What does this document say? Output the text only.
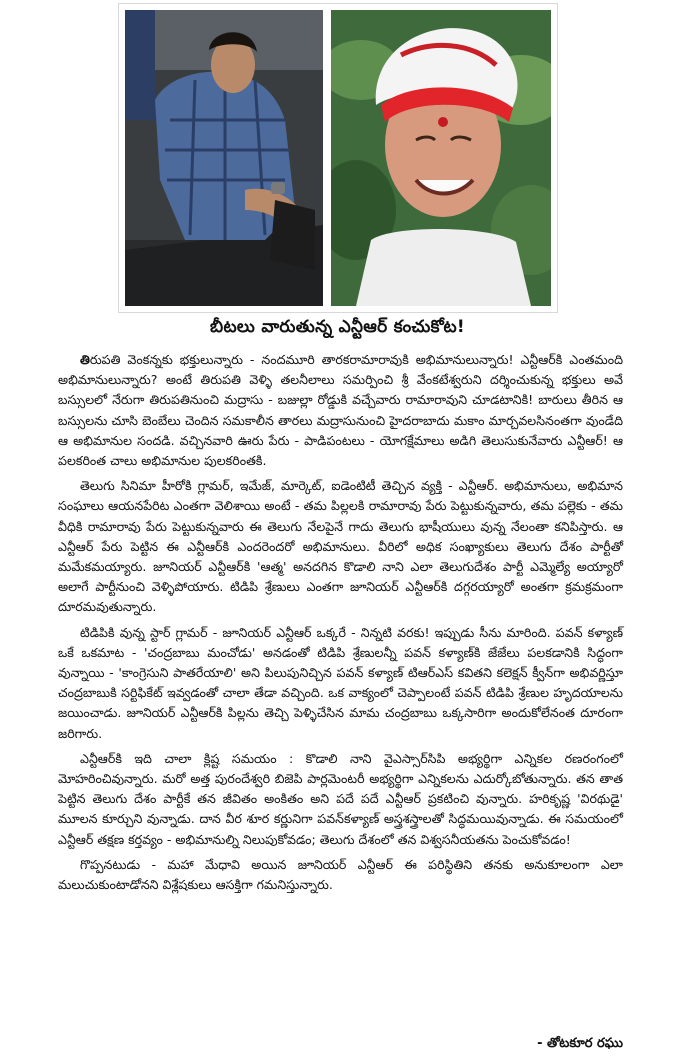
బీటలు వారుతున్న ఎన్టీఆర్ కంచుకోట!

తిరుపతి వెంకన్నకు భక్తులున్నారు - నందమూరి తారకరామారావుకి అభిమానులున్నారు! ఎన్టీఆర్‌కి ఎంతమంది అభిమానులున్నారు? అంటే తిరుపతి వెళ్ళి తలనీలాలు సమర్పించి శ్రీ వేంకటేశ్వరుని దర్శించుకున్న భక్తులు అవే బస్సులలో నేరుగా తిరుపతినుంచి మద్రాసు - బజుల్లా రోడ్డుకి వచ్చేవారు రామారావుని చూడటానికి! బారులు తీరిన ఆ బస్సులను చూసి బెంబేలు చెందిన సమకాలీన తారలు మద్రాసునుంచి హైదరాబాదు మకాం మార్చవలసినంతగా వుండేది ఆ అభిమానుల సందడి. వచ్చినవారి ఊరు పేరు - పాడిపంటలు - యోగక్షేమాలు అడిగి తెలుసుకునేవారు ఎన్టీఆర్! ఆ పలకరింత చాలు అభిమానుల పులకరింతకి.

తెలుగు సినిమా హీరోకి గ్లామర్, ఇమేజ్, మార్కెట్, ఐడెంటిటీ తెచ్చిన వ్యక్తి - ఎన్టీఆర్. అభిమానులు, అభిమాన సంఘాలు ఆయనపేరిట ఎంతగా వెలిశాయి అంటే - తమ పిల్లలకి రామారావు పేరు పెట్టుకున్నవారు, తమ పల్లెకు - తమ వీధికి రామారావు పేరు పెట్టుకున్నవారు ఈ తెలుగు నేలపైనే గాదు తెలుగు భాషీయులు వున్న నేలంతా కనిపిస్తారు. ఆ ఎన్టీఆర్ పేరు పెట్టిన ఈ ఎన్టీఆర్‌కి ఎందరెందరో అభిమానులు. వీరిలో అధిక సంఖ్యాకులు తెలుగు దేశం పార్టీతో మమేకమయ్యారు. జూనియర్ ఎన్టీఆర్‌కి 'ఆత్మ' అనదగిన కొడాలి నాని ఎలా తెలుగుదేశం పార్టీ ఎమ్మెల్యే అయ్యారో అలాగే పార్టీనుంచి వెళ్ళిపోయారు. టిడిపి శ్రేణులు ఎంతగా జూనియర్ ఎన్టీఆర్‌కి దగ్గరయ్యారో అంతగా క్రమక్రమంగా దూరమవుతున్నారు.

టిడిపికి వున్న స్టార్ గ్లామర్ - జూనియర్ ఎన్టీఆర్ ఒక్కరే - నిన్నటి వరకు! ఇప్పుడు సీను మారింది. పవన్ కళ్యాణ్ ఒకే ఒకమాట - 'చంద్రబాబు మంచోడు' అనడంతో టిడిపి శ్రేణులన్నీ పవన్ కళ్యాణ్‌కి జేజేలు పలకడానికి సిద్ధంగా వున్నాయి - 'కాంగ్రెసుని పాతరేయాలి' అని పిలుపునిచ్చిన పవన్ కళ్యాణ్ టిఆర్ఎస్ కవితని కలెక్షన్ క్వీన్‌గా అభివర్ణిస్తూ చంద్రబాబుకి సర్టిఫికేట్ ఇవ్వడంతో చాలా తేడా వచ్చింది. ఒక వాక్యంలో చెప్పాలంటే పవన్ టిడిపి శ్రేణుల హృదయాలను జయించాడు. జూనియర్ ఎన్టీఆర్‌కి పిల్లను తెచ్చి పెళ్ళిచేసిన మామ చంద్రబాబు ఒక్కసారిగా అందుకోలేనంత దూరంగా జరిగారు.

ఎన్టీఆర్‌కి ఇది చాలా క్లిష్ట సమయం : కొడాలి నాని వైఎస్సార్‌సిపి అభ్యర్థిగా ఎన్నికల రణరంగంలో మోహరించివున్నారు. మరో అత్త పురందేశ్వరి బిజెపి పార్లమెంటరీ అభ్యర్థిగా ఎన్నికలను ఎదుర్కోబోతున్నారు. తన తాత పెట్టిన తెలుగు దేశం పార్టీకే తన జీవితం అంకితం అని పదే పదే ఎన్టీఆర్ ప్రకటించి వున్నారు. హరికృష్ణ 'విరథుడై' మూలన కూర్చుని వున్నాడు. దాన వీర శూర కర్ణునిగా పవన్‌కళ్యాణ్ అస్త్రశస్త్రాలతో సిద్ధమయివున్నాడు. ఈ సమయంలో ఎన్టీఆర్ తక్షణ కర్తవ్యం - అభిమానుల్ని నిలుపుకోవడం; తెలుగు దేశంలో తన విశ్వసనీయతను పెంచుకోవడం!

గొప్పనటుడు - మహా మేధావి అయిన జూనియర్ ఎన్టీఆర్ ఈ పరిస్థితిని తనకు అనుకూలంగా ఎలా మలుచుకుంటాడోనని విశ్లేషకులు ఆసక్తిగా గమనిస్తున్నారు.

- తోటకూర రఘు
